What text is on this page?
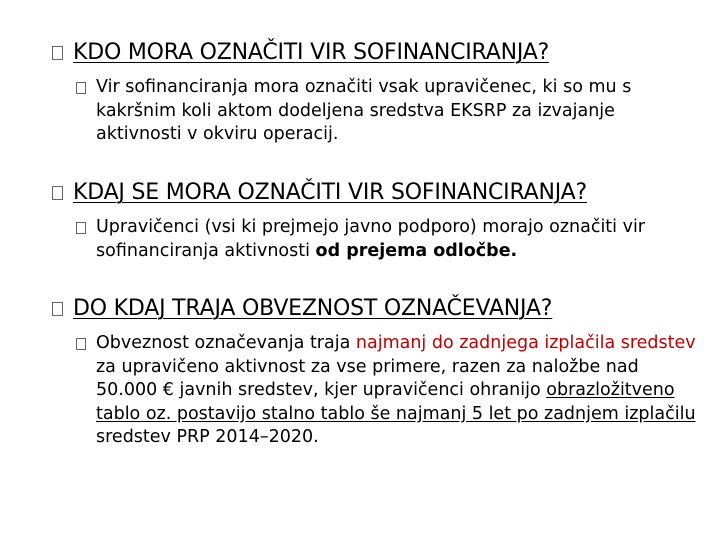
KDO MORA OZNAČITI VIR SOFINANCIRANJA?
Vir sofinanciranja mora označiti vsak upravičenec, ki so mu s kakršnim koli aktom dodeljena sredstva EKSRP za izvajanje aktivnosti v okviru operacij.
KDAJ SE MORA OZNAČITI VIR SOFINANCIRANJA?
Upravičenci (vsi ki prejmejo javno podporo) morajo označiti vir sofinanciranja aktivnosti od prejema odločbe.
DO KDAJ TRAJA OBVEZNOST OZNAČEVANJA?
Obveznost označevanja traja najmanj do zadnjega izplačila sredstev za upravičeno aktivnost za vse primere, razen za naložbe nad 50.000 € javnih sredstev, kjer upravičenci ohranijo obrazložitveno tablo oz. postavijo stalno tablo še najmanj 5 let po zadnjem izplačilu sredstev PRP 2014–2020.
